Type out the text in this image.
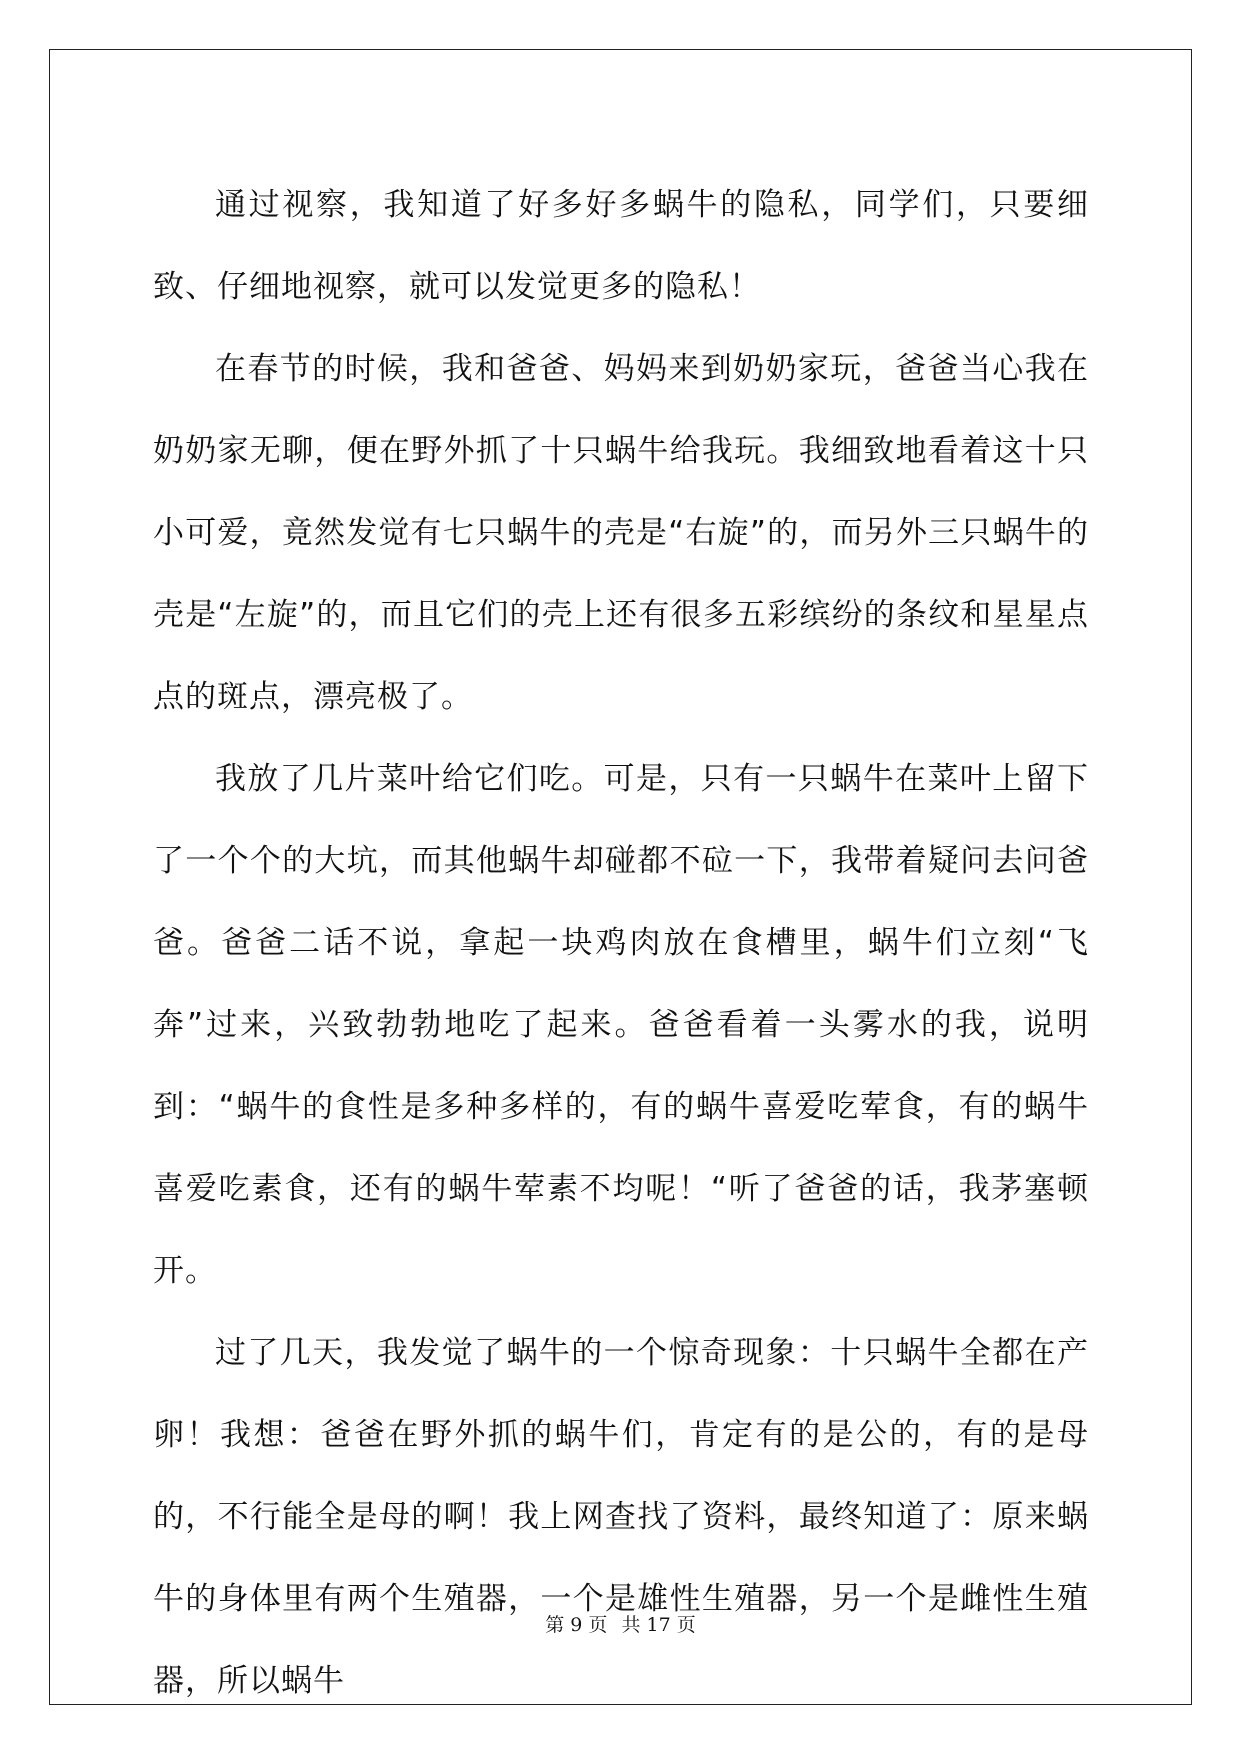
通过视察，我知道了好多好多蜗牛的隐私，同学们，只要细致、仔细地视察，就可以发觉更多的隐私！

在春节的时候，我和爸爸、妈妈来到奶奶家玩，爸爸当心我在奶奶家无聊，便在野外抓了十只蜗牛给我玩。我细致地看着这十只小可爱，竟然发觉有七只蜗牛的壳是“右旋”的，而另外三只蜗牛的壳是“左旋”的，而且它们的壳上还有很多五彩缤纷的条纹和星星点点的斑点，漂亮极了。

我放了几片菜叶给它们吃。可是，只有一只蜗牛在菜叶上留下了一个个的大坑，而其他蜗牛却碰都不砬一下，我带着疑问去问爸爸。爸爸二话不说，拿起一块鸡肉放在食槽里，蜗牛们立刻“飞奔”过来，兴致勃勃地吃了起来。爸爸看着一头雾水的我，说明到：“蜗牛的食性是多种多样的，有的蜗牛喜爱吃荤食，有的蜗牛喜爱吃素食，还有的蜗牛荤素不均呢！“听了爸爸的话，我茅塞顿开。

过了几天，我发觉了蜗牛的一个惊奇现象：十只蜗牛全都在产卵！我想：爸爸在野外抓的蜗牛们，肯定有的是公的，有的是母的，不行能全是母的啊！我上网查找了资料，最终知道了：原来蜗牛的身体里有两个生殖器，一个是雄性生殖器，另一个是雌性生殖器，所以蜗牛

第 9 页 共 17 页
